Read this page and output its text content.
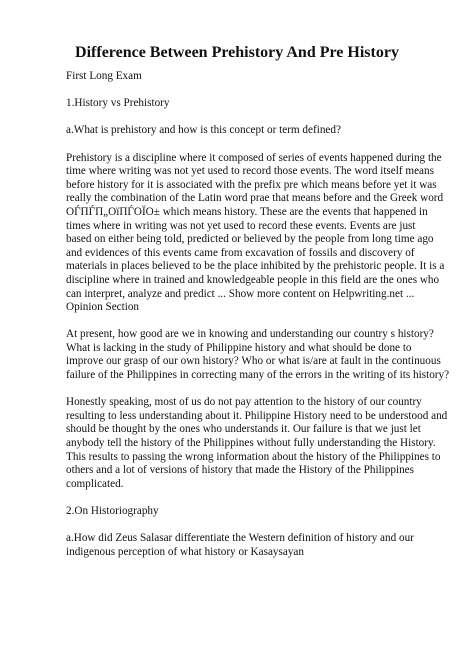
Difference Between Prehistory And Pre History

First Long Exam

1.History vs Prehistory

a.What is prehistory and how is this concept or term defined?

Prehistory is a discipline where it composed of series of events happened during the
time where writing was not yet used to record those events. The word itself means
before history for it is associated with the prefix pre which means before yet it was
really the combination of the Latin word prae that means before and the Greek word
ОЃПЃП„ОїПЃОЇО± which means history. These are the events that happened in
times where in writing was not yet used to record these events. Events are just
based on either being told, predicted or believed by the people from long time ago
and evidences of this events came from excavation of fossils and discovery of
materials in places believed to be the place inhibited by the prehistoric people. It is a
discipline where in trained and knowledgeable people in this field are the ones who
can interpret, analyze and predict ... Show more content on Helpwriting.net ...
Opinion Section

At present, how good are we in knowing and understanding our country s history?
What is lacking in the study of Philippine history and what should be done to
improve our grasp of our own history? Who or what is/are at fault in the continuous
failure of the Philippines in correcting many of the errors in the writing of its history?

Honestly speaking, most of us do not pay attention to the history of our country
resulting to less understanding about it. Philippine History need to be understood and
should be thought by the ones who understands it. Our failure is that we just let
anybody tell the history of the Philippines without fully understanding the History.
This results to passing the wrong information about the history of the Philippines to
others and a lot of versions of history that made the History of the Philippines
complicated.

2.On Historiography

a.How did Zeus Salasar differentiate the Western definition of history and our
indigenous perception of what history or Kasaysayan
